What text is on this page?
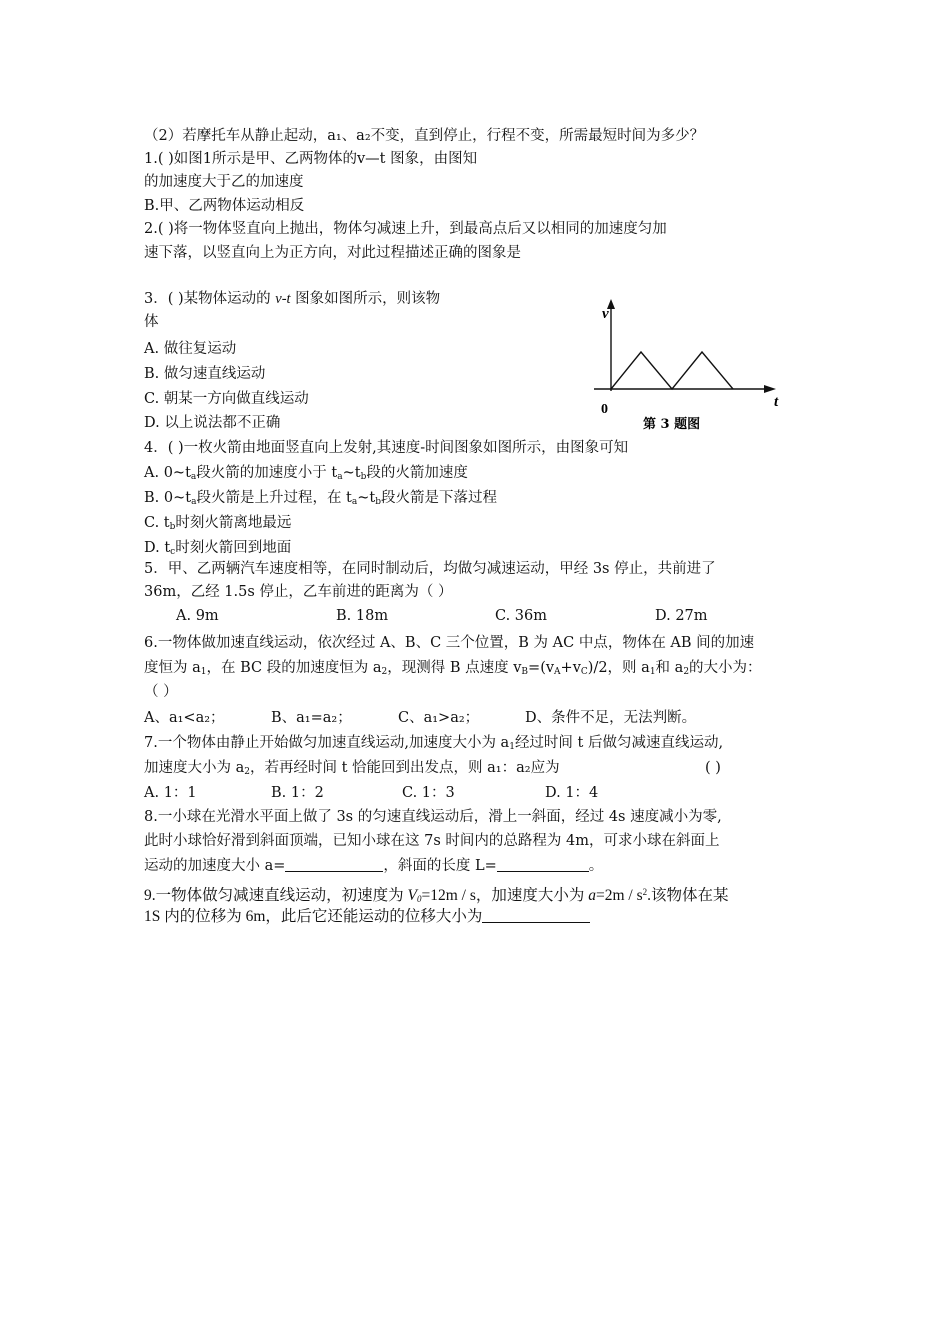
（2）若摩托车从静止起动，a₁、a₂不变，直到停止，行程不变，所需最短时间为多少？
1.( )如图1所示是甲、乙两物体的v—t 图象，由图知
的加速度大于乙的加速度
B.甲、乙两物体运动相反
2.( )将一物体竖直向上抛出，物体匀减速上升，到最高点后又以相同的加速度匀加
速下落，以竖直向上为正方向，对此过程描述正确的图象是
3．( )某物体运动的 v-t 图象如图所示，则该物
体
A. 做往复运动
B. 做匀速直线运动
C. 朝某一方向做直线运动
D. 以上说法都不正确
v
t
0
第 3 题图
4．( )一枚火箭由地面竖直向上发射,其速度-时间图象如图所示，由图象可知
A. $0\sim t_a$段火箭的加速度小于 $t_a\sim t_b$段的火箭加速度
B. $0\sim t_a$段火箭是上升过程，在 $t_a\sim t_b$段火箭是下落过程
C. $t_b$时刻火箭离地最远
D. $t_c$时刻火箭回到地面
5．甲、乙两辆汽车速度相等，在同时制动后，均做匀减速运动，甲经 3s 停止，共前进了
36m，乙经 1.5s 停止，乙车前进的距离为（ ）
A. 9m	B. 18m	C. 36m	D. 27m
6.一物体做加速直线运动，依次经过 A、B、C 三个位置，B 为 AC 中点，物体在 AB 间的加速
度恒为 $a_1$，在 BC 段的加速度恒为 $a_2$，现测得 B 点速度 $v_B=(v_A+v_C)/2$，则 $a_1$和 $a_2$的大小为：
（ ）
A、a₁<a₂；	B、a₁=a₂；	C、a₁>a₂；	D、条件不足，无法判断。
7.一个物体由静止开始做匀加速直线运动,加速度大小为 $a_1$经过时间 t 后做匀减速直线运动,
加速度大小为 $a_2$，若再经时间 t 恰能回到出发点，则 a₁：a₂应为	( )
A. 1：1	B. 1：2	C. 1：3	D. 1：4
8.一小球在光滑水平面上做了 3s 的匀速直线运动后，滑上一斜面，经过 4s 速度减小为零,
此时小球恰好滑到斜面顶端，已知小球在这 7s 时间内的总路程为 4m，可求小球在斜面上
运动的加速度大小 a=	，斜面的长度 L=	。
9.一物体做匀减速直线运动，初速度为 $V_0=12m / s$，加速度大小为 $a=2m / s^2$.该物体在某
1S 内的位移为 6m，此后它还能运动的位移大小为
